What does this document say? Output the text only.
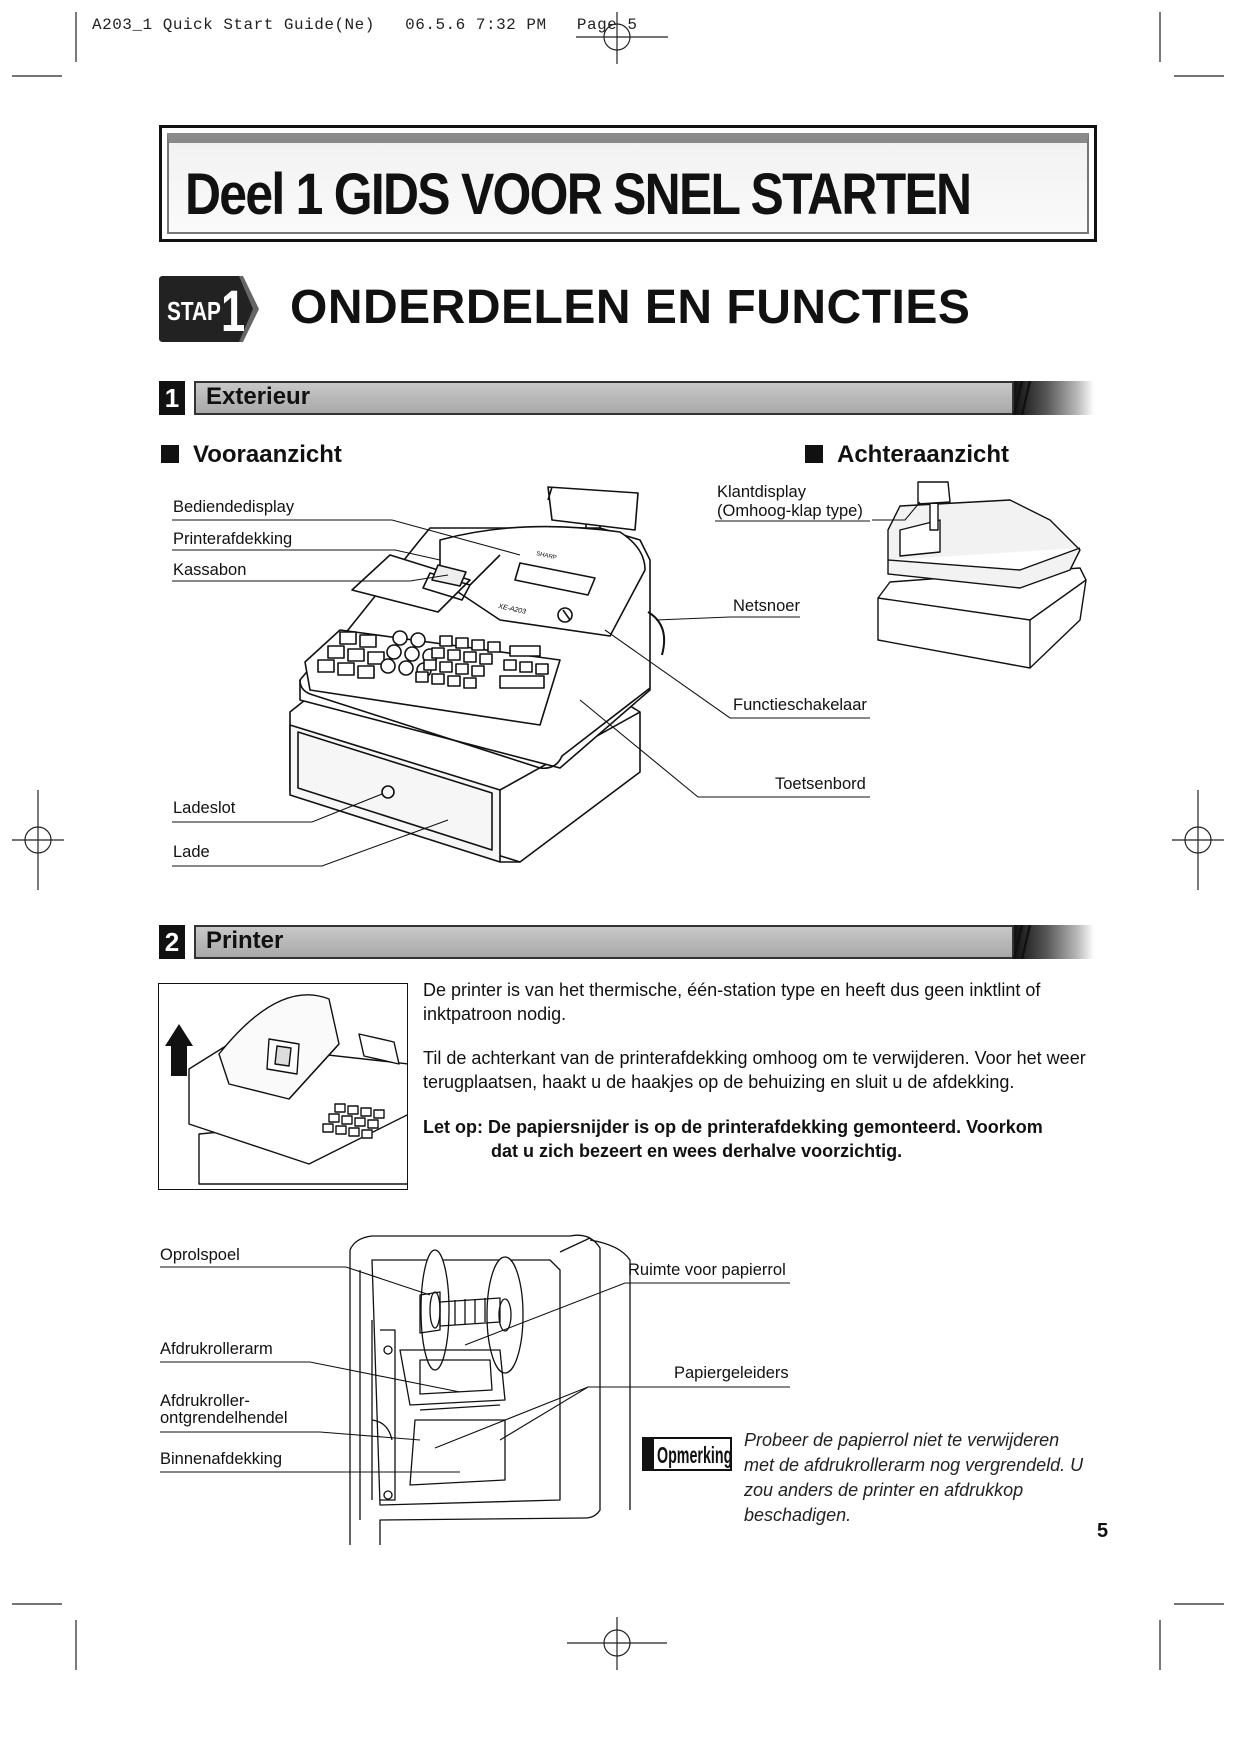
A203_1 Quick Start Guide(Ne)   06.5.6 7:32 PM   Page 5
Deel 1 GIDS VOOR SNEL STARTEN
STAP 1 ONDERDELEN EN FUNCTIES
1 Exterieur
Vooraanzicht	Achteraanzicht
SHARP
XE-A203
Bediendedisplay
Printerafdekking
Kassabon
Ladeslot
Lade
Netsnoer
Functieschakelaar
Toetsenbord
Klantdisplay
(Omhoog-klap type)
2 Printer
De printer is van het thermische, één-station type en heeft dus geen inktlint of inktpatroon nodig.
Til de achterkant van de printerafdekking omhoog om te verwijderen. Voor het weer terugplaatsen, haakt u de haakjes op de behuizing en sluit u de afdekking.
Let op: De papiersnijder is op de printerafdekking gemonteerd. Voorkom
dat u zich bezeert en wees derhalve voorzichtig.
Oprolspoel
Afdrukrollerarm
Afdrukroller-
ontgrendelhendel
Binnenafdekking
Ruimte voor papierrol
Papiergeleiders
Opmerking
Probeer de papierrol niet te verwijderen met de afdrukrollerarm nog vergrendeld. U zou anders de printer en afdrukkop beschadigen.
5
